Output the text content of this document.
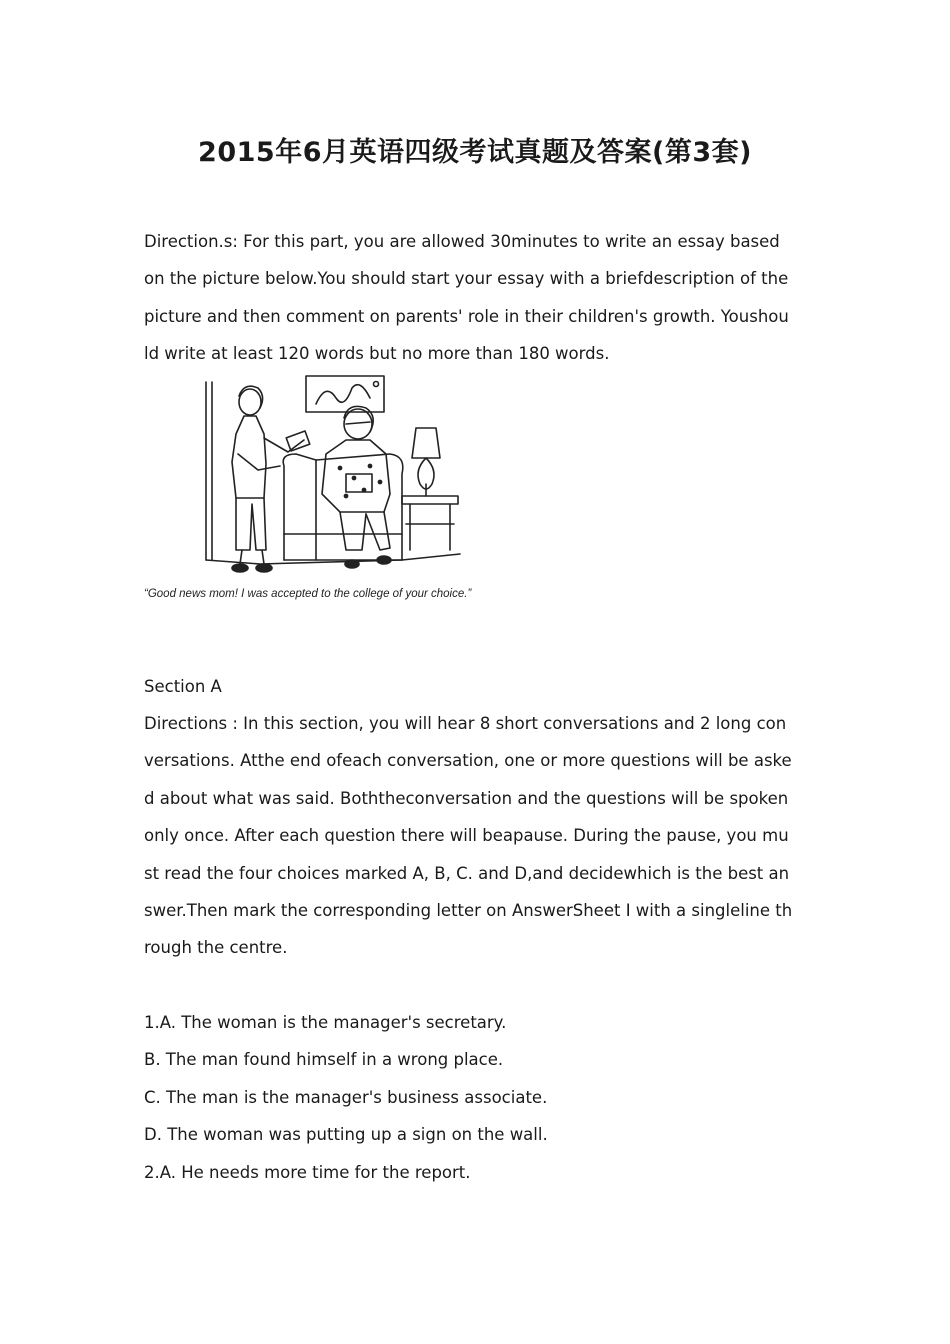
2015年6月英语四级考试真题及答案(第3套)

Direction.s: For this part, you are allowed 30minutes to write an essay based
on the picture below.You should start your essay with a briefdescription of the
picture and then comment on parents' role in their children's growth. Youshou
ld write at least 120 words but no more than 180 words.

“Good news mom! I was accepted to the college of your choice.”
Section A

Directions : In this section, you will hear 8 short conversations and 2 long con
versations. Atthe end ofeach conversation, one or more questions will be aske
d about what was said. Boththeconversation and the questions will be spoken
only once. After each question there will beapause. During the pause, you mu
st read the four choices marked A, B, C. and D,and decidewhich is the best an
swer.Then mark the corresponding letter on AnswerSheet I with a singleline th
rough the centre.

1.A. The woman is the manager's secretary.
B. The man found himself in a wrong place.
C. The man is the manager's business associate.
D. The woman was putting up a sign on the wall.
2.A. He needs more time for the report.
